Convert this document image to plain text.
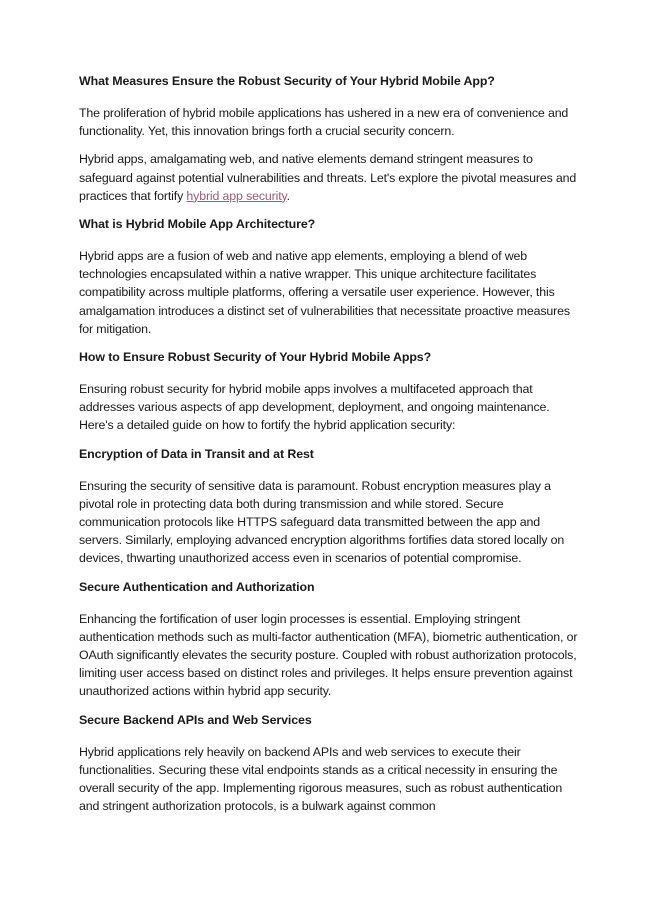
What Measures Ensure the Robust Security of Your Hybrid Mobile App?
The proliferation of hybrid mobile applications has ushered in a new era of convenience and functionality. Yet, this innovation brings forth a crucial security concern.
Hybrid apps, amalgamating web, and native elements demand stringent measures to safeguard against potential vulnerabilities and threats. Let's explore the pivotal measures and practices that fortify hybrid app security.
What is Hybrid Mobile App Architecture?
Hybrid apps are a fusion of web and native app elements, employing a blend of web technologies encapsulated within a native wrapper. This unique architecture facilitates compatibility across multiple platforms, offering a versatile user experience. However, this amalgamation introduces a distinct set of vulnerabilities that necessitate proactive measures for mitigation.
How to Ensure Robust Security of Your Hybrid Mobile Apps?
Ensuring robust security for hybrid mobile apps involves a multifaceted approach that addresses various aspects of app development, deployment, and ongoing maintenance. Here's a detailed guide on how to fortify the hybrid application security:
Encryption of Data in Transit and at Rest
Ensuring the security of sensitive data is paramount. Robust encryption measures play a pivotal role in protecting data both during transmission and while stored. Secure communication protocols like HTTPS safeguard data transmitted between the app and servers. Similarly, employing advanced encryption algorithms fortifies data stored locally on devices, thwarting unauthorized access even in scenarios of potential compromise.
Secure Authentication and Authorization
Enhancing the fortification of user login processes is essential. Employing stringent authentication methods such as multi-factor authentication (MFA), biometric authentication, or OAuth significantly elevates the security posture. Coupled with robust authorization protocols, limiting user access based on distinct roles and privileges. It helps ensure prevention against unauthorized actions within hybrid app security.
Secure Backend APIs and Web Services
Hybrid applications rely heavily on backend APIs and web services to execute their functionalities. Securing these vital endpoints stands as a critical necessity in ensuring the overall security of the app. Implementing rigorous measures, such as robust authentication and stringent authorization protocols, is a bulwark against common
